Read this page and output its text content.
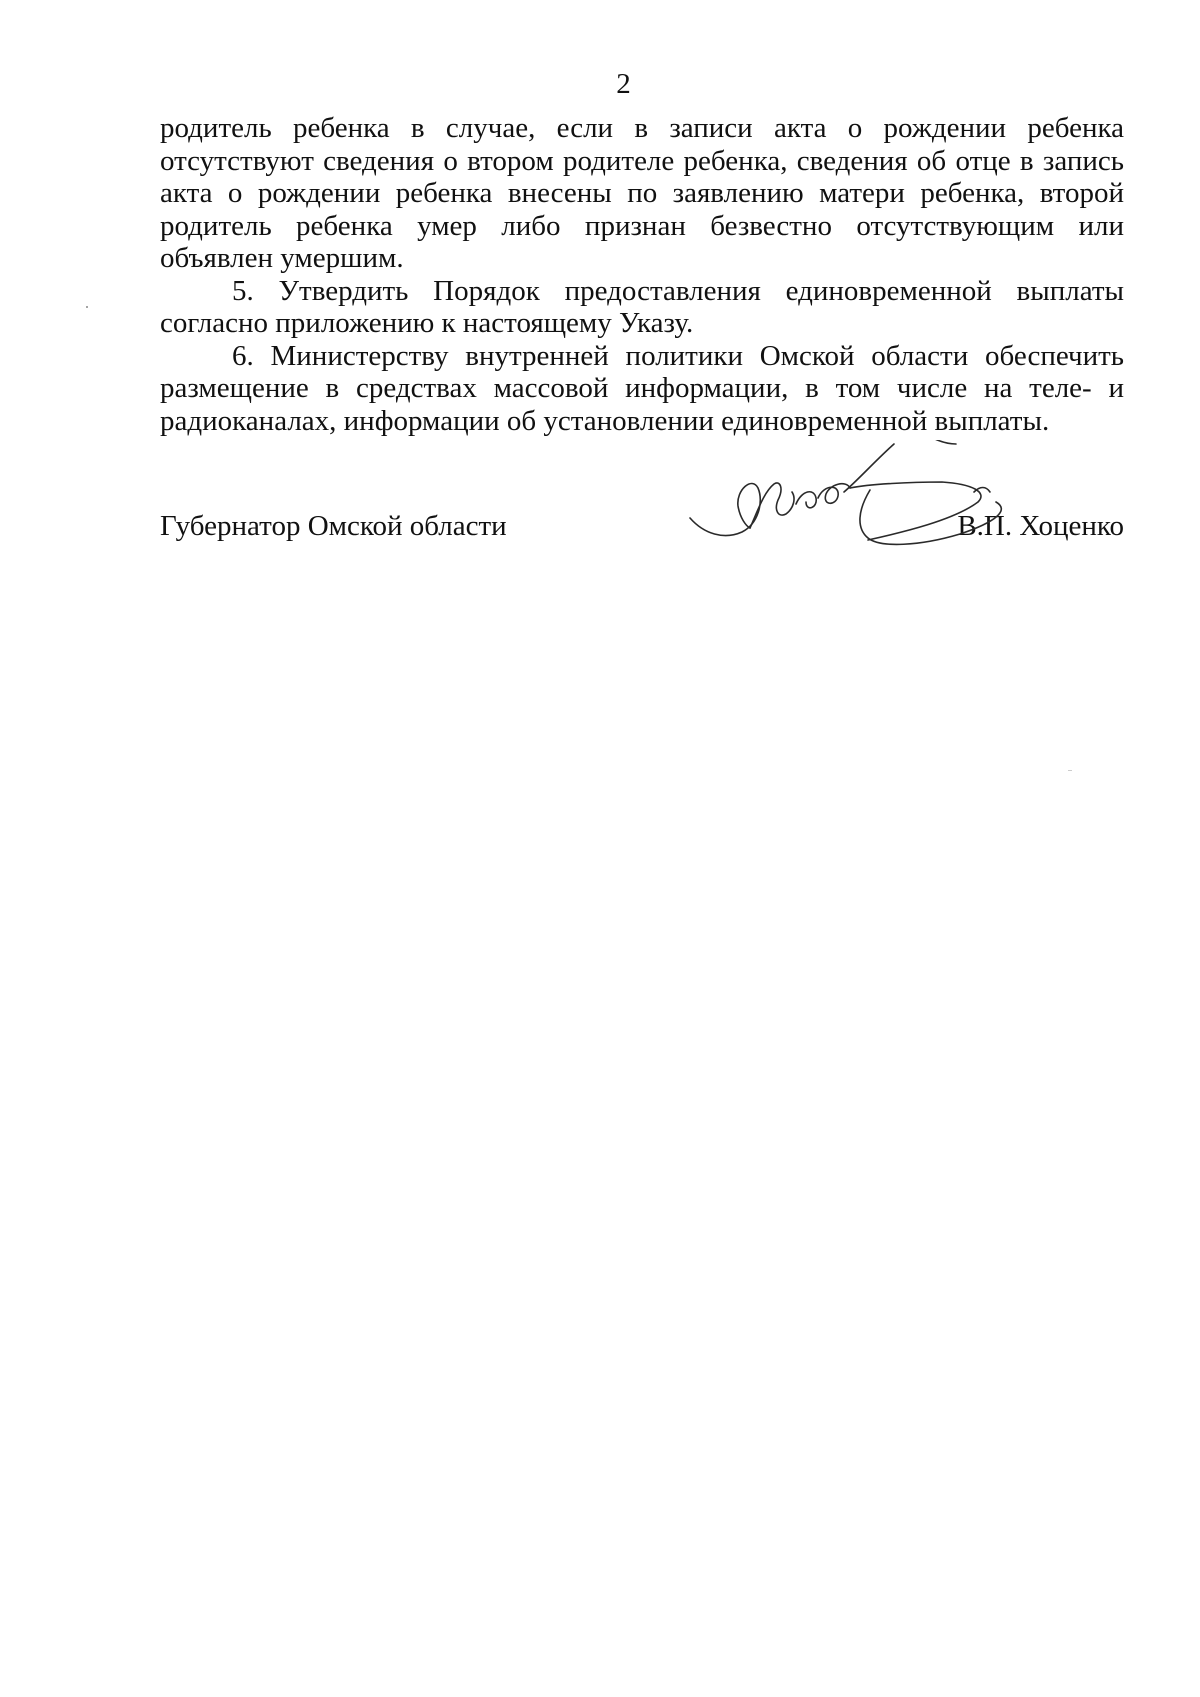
2

родитель ребенка в случае, если в записи акта о рождении ребенка отсутствуют сведения о втором родителе ребенка, сведения об отце в запись акта о рождении ребенка внесены по заявлению матери ребенка, второй родитель ребенка умер либо признан безвестно отсутствующим или объявлен умершим.

5. Утвердить Порядок предоставления единовременной выплаты согласно приложению к настоящему Указу.

6. Министерству внутренней политики Омской области обеспечить размещение в средствах массовой информации, в том числе на теле- и радиоканалах, информации об установлении единовременной выплаты.

Губернатор Омской области	В.П. Хоценко
